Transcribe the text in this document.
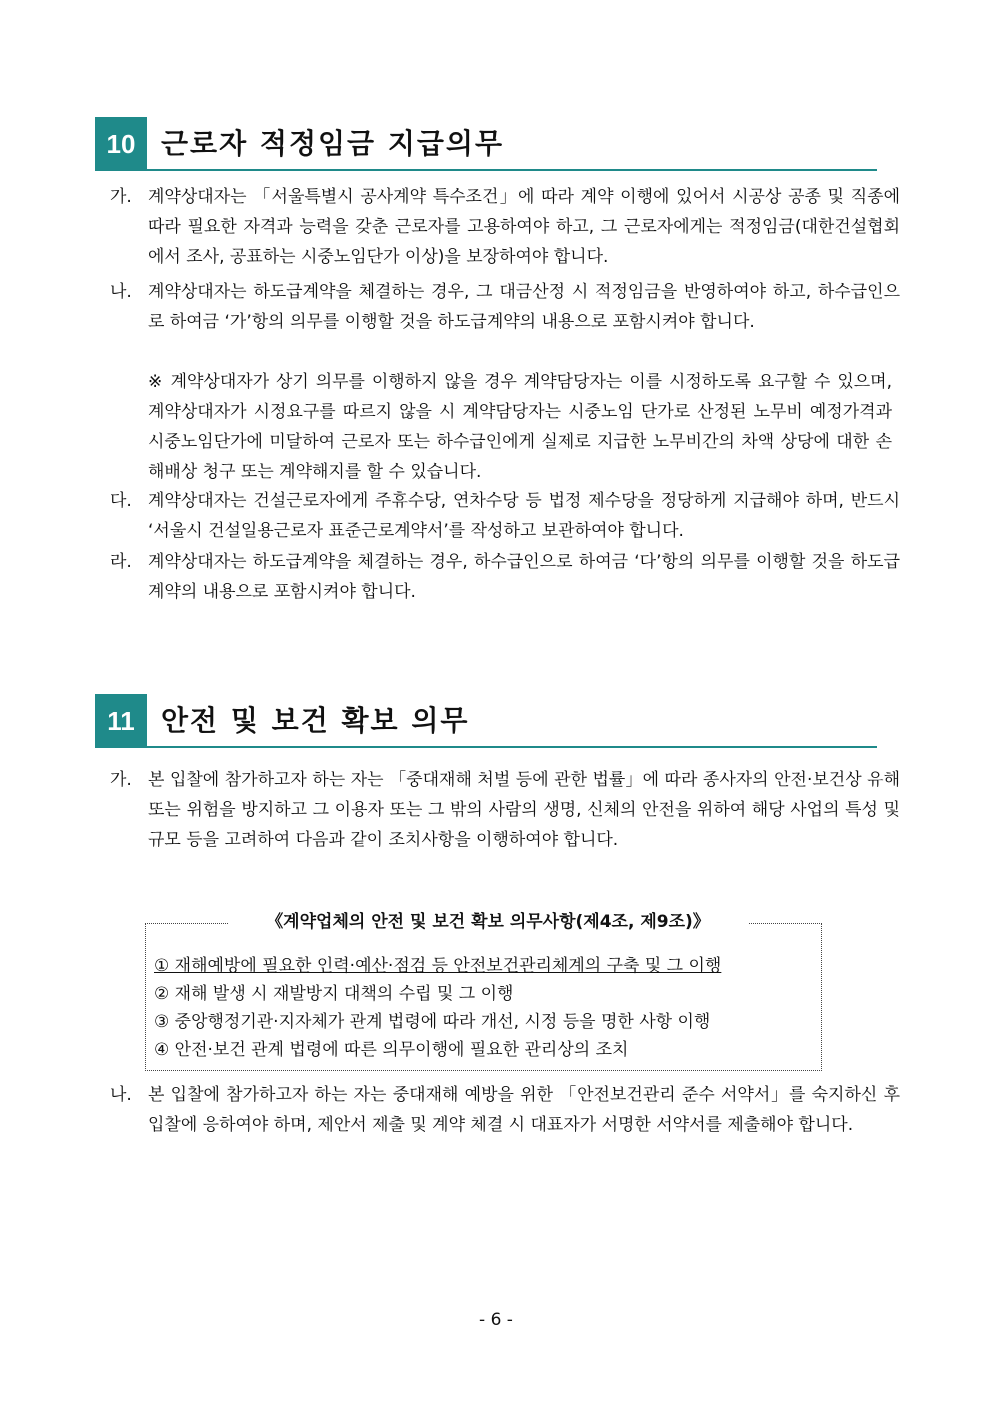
10 근로자 적정임금 지급의무
가. 계약상대자는 「서울특별시 공사계약 특수조건」에 따라 계약 이행에 있어서 시공상 공종 및 직종에 따라 필요한 자격과 능력을 갖춘 근로자를 고용하여야 하고, 그 근로자에게는 적정임금(대한건설협회에서 조사, 공표하는 시중노임단가 이상)을 보장하여야 합니다.
나. 계약상대자는 하도급계약을 체결하는 경우, 그 대금산정 시 적정임금을 반영하여야 하고, 하수급인으로 하여금 ‘가’항의 의무를 이행할 것을 하도급계약의 내용으로 포함시켜야 합니다.
※ 계약상대자가 상기 의무를 이행하지 않을 경우 계약담당자는 이를 시정하도록 요구할 수 있으며, 계약상대자가 시정요구를 따르지 않을 시 계약담당자는 시중노임 단가로 산정된 노무비 예정가격과 시중노임단가에 미달하여 근로자 또는 하수급인에게 실제로 지급한 노무비간의 차액 상당에 대한 손해배상 청구 또는 계약해지를 할 수 있습니다.
다. 계약상대자는 건설근로자에게 주휴수당, 연차수당 등 법정 제수당을 정당하게 지급해야 하며, 반드시 ‘서울시 건설일용근로자 표준근로계약서’를 작성하고 보관하여야 합니다.
라. 계약상대자는 하도급계약을 체결하는 경우, 하수급인으로 하여금 ‘다’항의 의무를 이행할 것을 하도급계약의 내용으로 포함시켜야 합니다.
11 안전 및 보건 확보 의무
가. 본 입찰에 참가하고자 하는 자는 「중대재해 처벌 등에 관한 법률」에 따라 종사자의 안전·보건상 유해 또는 위험을 방지하고 그 이용자 또는 그 밖의 사람의 생명, 신체의 안전을 위하여 해당 사업의 특성 및 규모 등을 고려하여 다음과 같이 조치사항을 이행하여야 합니다.
《계약업체의 안전 및 보건 확보 의무사항(제4조, 제9조)》
① 재해예방에 필요한 인력·예산·점검 등 안전보건관리체계의 구축 및 그 이행
② 재해 발생 시 재발방지 대책의 수립 및 그 이행
③ 중앙행정기관·지자체가 관계 법령에 따라 개선, 시정 등을 명한 사항 이행
④ 안전·보건 관계 법령에 따른 의무이행에 필요한 관리상의 조치
나. 본 입찰에 참가하고자 하는 자는 중대재해 예방을 위한 「안전보건관리 준수 서약서」를 숙지하신 후 입찰에 응하여야 하며, 제안서 제출 및 계약 체결 시 대표자가 서명한 서약서를 제출해야 합니다.
- 6 -
